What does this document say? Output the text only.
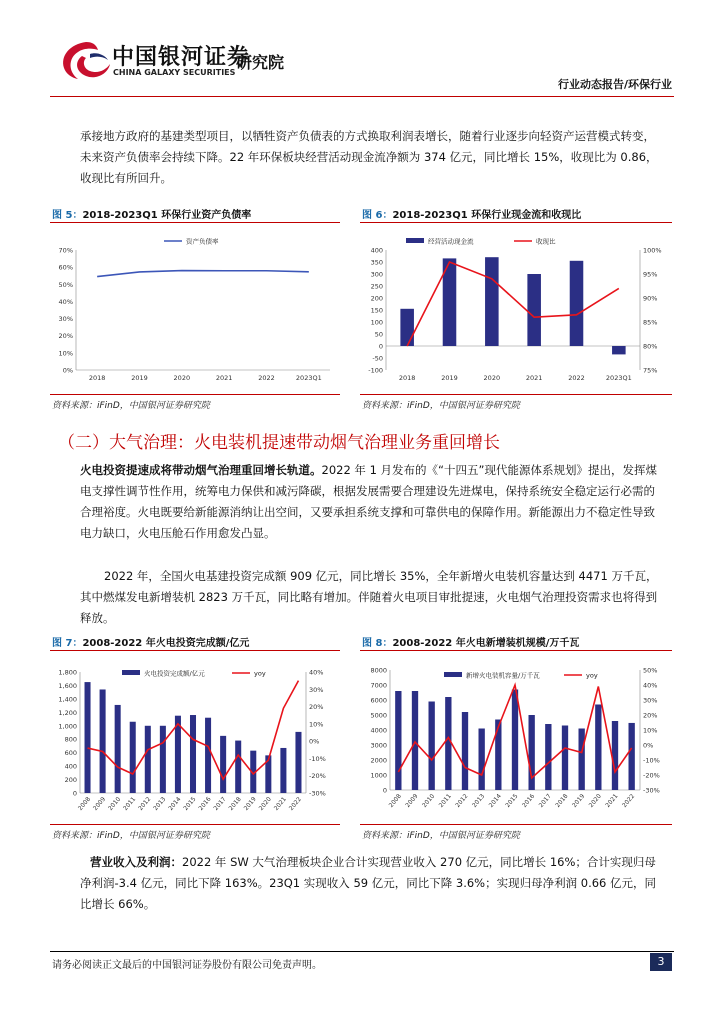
中国银河证券
CHINA GALAXY SECURITIES
研究院
行业动态报告/环保行业
承接地方政府的基建类型项目，以牺牲资产负债表的方式换取利润表增长，随着行业逐步向轻资产运营模式转变，未来资产负债率会持续下降。22 年环保板块经营活动现金流净额为 374 亿元，同比增长 15%，收现比为 0.86，收现比有所回升。
图 5：2018-2023Q1 环保行业资产负债率
0%
10%
20%
30%
40%
50%
60%
70%
2018	2019	2020	2021	2022	2023Q1
资产负债率
资料来源：iFinD，中国银河证券研究院
图 6：2018-2023Q1 环保行业现金流和收现比
-100
-50
0
50
100
150
200
250
300
350
400
75%
80%
85%
90%
95%
100%
2018	2019	2020	2021	2022	2023Q1
经营活动现金流	收现比
资料来源：iFinD，中国银河证券研究院
（二）大气治理：火电装机提速带动烟气治理业务重回增长
火电投资提速成将带动烟气治理重回增长轨道。2022 年 1 月发布的《“十四五”现代能源体系规划》提出，发挥煤电支撑性调节性作用，统筹电力保供和减污降碳，根据发展需要合理建设先进煤电，保持系统安全稳定运行必需的合理裕度。火电既要给新能源消纳让出空间，又要承担系统支撑和可靠供电的保障作用。新能源出力不稳定性导致电力缺口，火电压舱石作用愈发凸显。
2022 年，全国火电基建投资完成额 909 亿元，同比增长 35%，全年新增火电装机容量达到 4471 万千瓦，其中燃煤发电新增装机 2823 万千瓦，同比略有增加。伴随着火电项目审批提速，火电烟气治理投资需求也将得到释放。
图 7：2008-2022 年火电投资完成额/亿元
0
200
400
600
800
1,000
1,200
1,400
1,600
1,800
-30%
-20%
-10%
0%
10%
20%
30%
40%
2008 2009 2010 2011 2012 2013 2014 2015 2016 2017 2018 2019 2020 2021 2022
火电投资完成额/亿元	yoy
资料来源：iFinD，中国银河证券研究院
图 8：2008-2022 年火电新增装机规模/万千瓦
0
1000
2000
3000
4000
5000
6000
7000
8000
-30%
-20%
-10%
0%
10%
20%
30%
40%
50%
2008 2009 2010 2011 2012 2013 2014 2015 2016 2017 2018 2019 2020 2021 2022
新增火电装机容量/万千瓦	yoy
资料来源：iFinD，中国银河证券研究院
营业收入及利润：2022 年 SW 大气治理板块企业合计实现营业收入 270 亿元，同比增长 16%；合计实现归母净利润-3.4 亿元，同比下降 163%。23Q1 实现收入 59 亿元，同比下降 3.6%；实现归母净利润 0.66 亿元，同比增长 66%。
请务必阅读正文最后的中国银河证券股份有限公司免责声明。	3
